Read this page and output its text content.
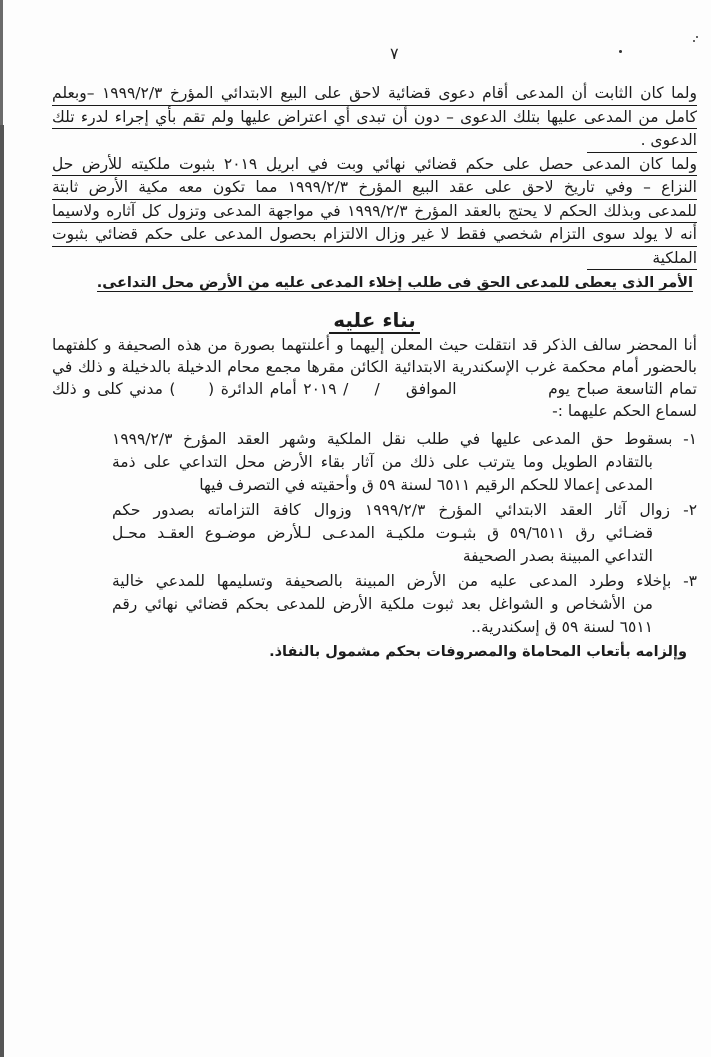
٧
ولما كان الثابت أن المدعى أقام دعوى قضائية لاحق على البيع الابتدائي المؤرخ ١٩٩٩/٢/٣ –وبعلم
كامل من المدعى عليها بتلك الدعوى – دون أن تبدى أي اعتراض عليها ولم تقم بأي إجراء لدرء تلك
الدعوى .
ولما كان المدعى حصل على حكم قضائي نهائي وبت في ابريل ٢٠١٩ بثبوت ملكيته للأرض حل
النزاع – وفي تاريخ لاحق على عقد البيع المؤرخ ١٩٩٩/٢/٣ مما تكون معه مكية الأرض ثابتة
للمدعى وبذلك الحكم لا يحتج بالعقد المؤرخ ١٩٩٩/٢/٣ في مواجهة المدعى وتزول كل آثاره ولاسيما
أنه لا يولد سوى التزام شخصي فقط لا غير وزال الالتزام بحصول المدعى على حكم قضائي بثبوت
الملكية
الأمر الذى يعطى للمدعى الحق فى طلب إخلاء المدعى عليه من الأرض محل التداعى.
بناء عليه
أنا المحضر سالف الذكر قد انتقلت حيث المعلن إليهما و أعلنتهما بصورة من هذه الصحيفة و كلفتهما
بالحضور أمام محكمة غرب الإسكندرية الابتدائية الكائن مقرها مجمع محام الدخيلة بالدخيلة و ذلك في
تمام التاسعة صباح يوم              الموافق    /    / ٢٠١٩ أمام الدائرة (     ) مدني كلى و ذلك
لسماع الحكم عليهما :-
١- بسقوط حق المدعى عليها في طلب نقل الملكية وشهر العقد المؤرخ ١٩٩٩/٢/٣
بالتقادم الطويل وما يترتب على ذلك من آثار بقاء الأرض محل التداعي على ذمة
المدعى إعمالا للحكم الرقيم ٦٥١١ لسنة ٥٩ ق وأحقيته في التصرف فيها
٢- زوال آثار العقد الابتدائي المؤرخ ١٩٩٩/٢/٣ وزوال كافة التزاماته بصدور حكم
قضـائي رق ٥٩/٦٥١١ ق بثبـوت ملكيـة المدعـى لـلأرض موضـوع العقـد محـل
التداعي المبينة بصدر الصحيفة
٣- بإخلاء وطرد المدعى عليه من الأرض المبينة بالصحيفة وتسليمها للمدعي خالية
من الأشخاص و الشواغل بعد ثبوت ملكية الأرض للمدعى بحكم قضائي نهائي رقم
٦٥١١ لسنة ٥٩ ق إسكندرية..
وإلزامه بأتعاب المحاماة والمصروفات بحكم مشمول بالنفاذ.
